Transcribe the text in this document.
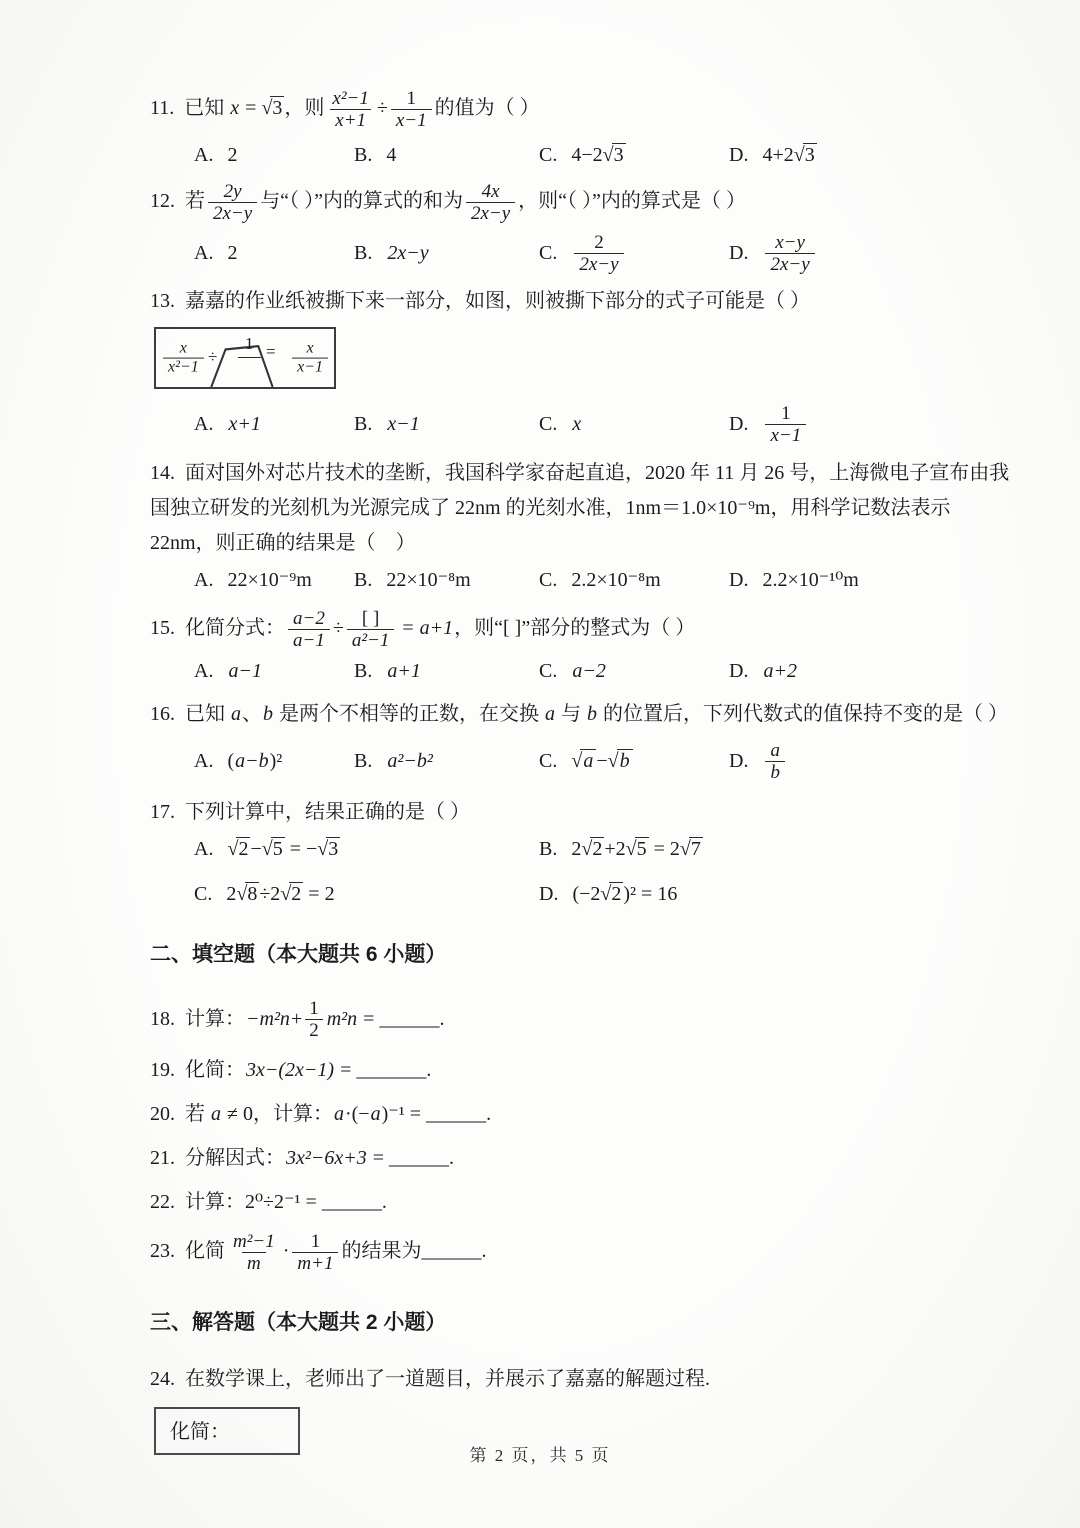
11. 已知 x = √3 ，则 $\frac{\text{x²−1}}{x+1} \div \frac{1}{x-1}$ 的值为（ ）
A. 2	B. 4	C. 4−2√3	D. 4+2√3
12. 若 $\frac{2y}{2x-y}$ 与“（ ）”内的算式的和为 $\frac{4x}{2x-y}$ ，则“（ ）”内的算式是（ ）
A. 2	B. 2x−y	C. $\frac{2}{2x-y}$	D. $\frac{x-y}{2x-y}$
13. 嘉嘉的作业纸被撕下来一部分，如图，则被撕下部分的式子可能是（ ）
$\frac{x}{\text{x²−1}}$ ÷
$1 = \frac{x}{x-1}$
A. x+1	B. x−1	C. x	D. $\frac{1}{x-1}$
14. 面对国外对芯片技术的垄断，我国科学家奋起直追，2020 年 11 月 26 号，上海微电子宣布由我国独立研发的光刻机为光源完成了 22nm 的光刻水准，1nm＝1.0×10⁻⁹m，用科学记数法表示 22nm，则正确的结果是（　）
A. 22×10⁻⁹m B. 22×10⁻⁸m	C. 2.2×10⁻⁸m	D. 2.2×10⁻¹⁰m
15. 化简分式： $\frac{a-2}{a-1} \div \frac{[ ]}{\text{a²−1}} = a+1$，则“[ ]”部分的整式为（ ）
A. a−1	B. a+1	C. a−2	D. a+2
16. 已知 a、b 是两个不相等的正数，在交换 a 与 b 的位置后，下列代数式的值保持不变的是（ ）
A. (a−b)²	B. a²−b²	C. √ a −√ b	D. $\frac{a}{b}$
17. 下列计算中，结果正确的是（ ）
A. √2 −√5 = −√3	B. 2√2 +2√5 = 2√7
C. 2√8 ÷2√2 = 2	D. (−2√2 )² = 16
二、填空题（本大题共 6 小题）
18. 计算：$-m^2n+ \frac{1}{2} m^2n$ = ______.
19. 化简：3x−(2x−1) = _______.
20. 若 a ≠ 0，计算：a·(−a)⁻¹ = ______.
21. 分解因式：3x²−6x+3 = ______.
22. 计算：2⁰÷2⁻¹ = ______.
23. 化简 $\frac{\text{m²−1}}{m} \cdot \frac{1}{m+1}$ 的结果为______.
三、解答题（本大题共 2 小题）
24. 在数学课上，老师出了一道题目，并展示了嘉嘉的解题过程.
化简：
第 2 页，共 5 页
